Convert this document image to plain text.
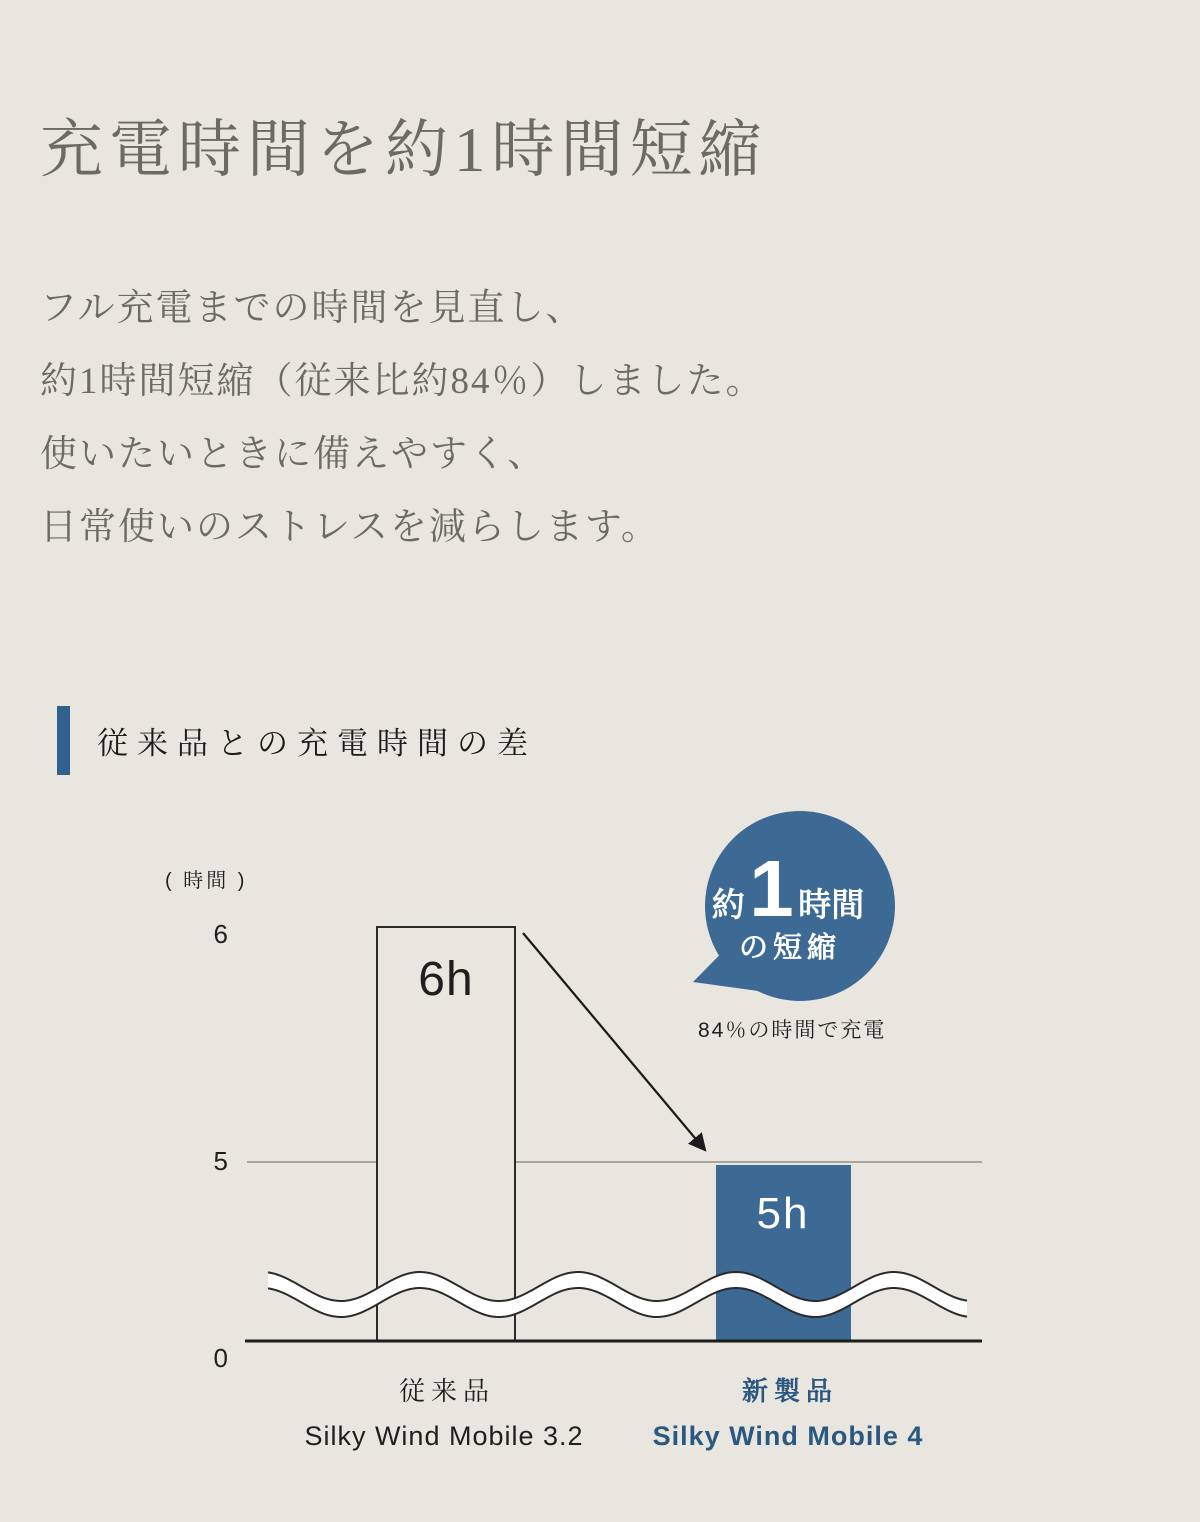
充電時間を約1時間短縮
フル充電までの時間を見直し、
約1時間短縮（従来比約84％）しました。
使いたいときに備えやすく、
日常使いのストレスを減らします。
従来品との充電時間の差
6h
5h
( 時間 )
6
5
0
約 1 時間
の短縮
84％の時間で充電
従来品	新製品
Silky Wind Mobile 3.2	Silky Wind Mobile 4
